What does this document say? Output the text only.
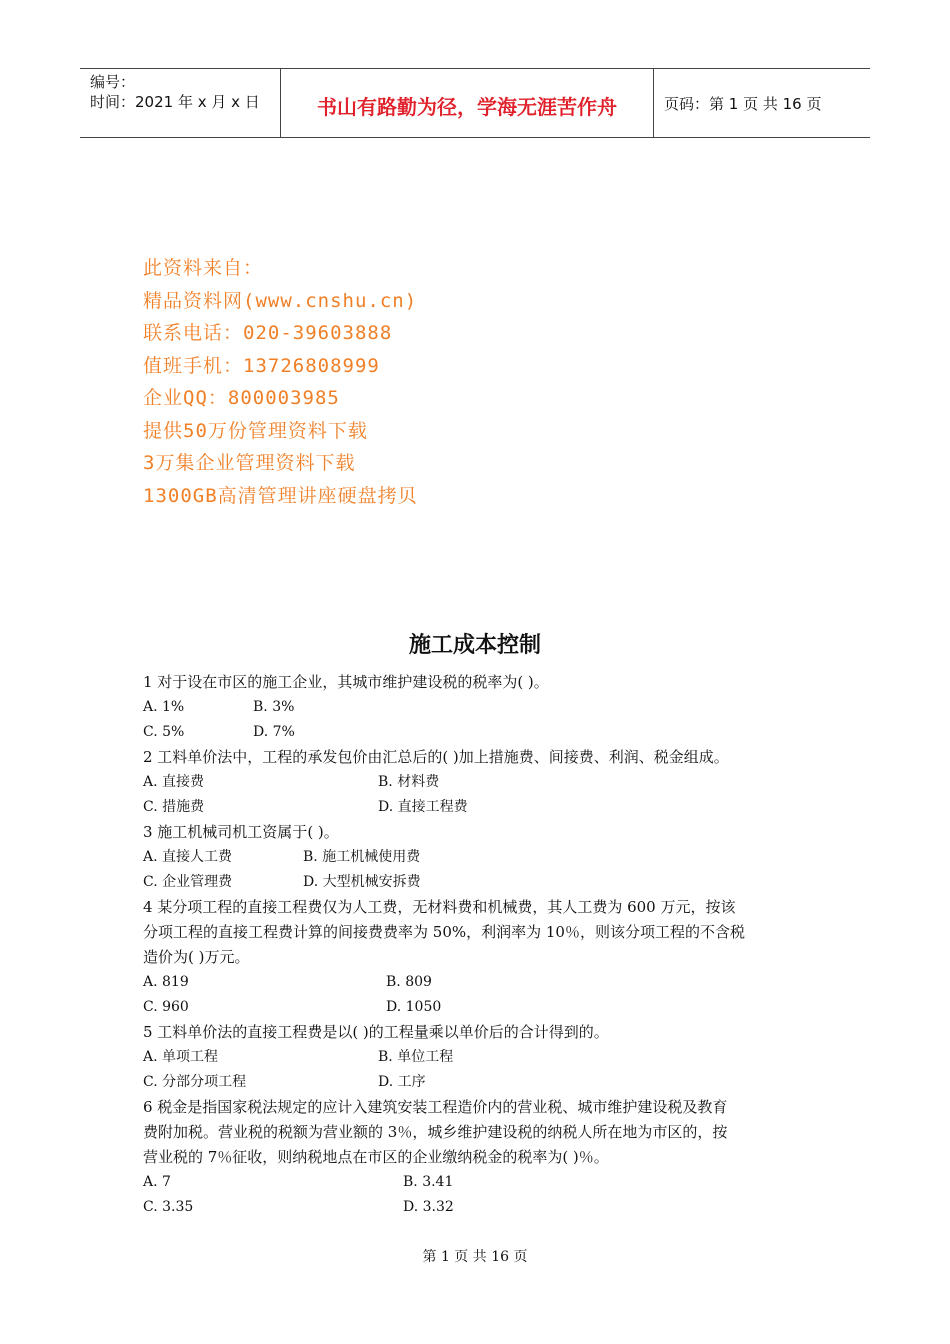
编号：
时间：2021 年 x 月 x 日	书山有路勤为径，学海无涯苦作舟	页码：第 1 页 共 16 页
此资料来自：
精品资料网(www.cnshu.cn)
联系电话：020-39603888
值班手机：13726808999
企业QQ：800003985
提供50万份管理资料下载
3万集企业管理资料下载
1300GB高清管理讲座硬盘拷贝
施工成本控制
1 对于设在市区的施工企业，其城市维护建设税的税率为( )。
A. 1%	B. 3%
C. 5%	D. 7%
2 工料单价法中，工程的承发包价由汇总后的( )加上措施费、间接费、利润、税金组成。
A. 直接费	B. 材料费
C. 措施费	D. 直接工程费
3 施工机械司机工资属于( )。
A. 直接人工费	B. 施工机械使用费
C. 企业管理费	D. 大型机械安拆费
4 某分项工程的直接工程费仅为人工费，无材料费和机械费，其人工费为 600 万元，按该
分项工程的直接工程费计算的间接费费率为 50%，利润率为 10％，则该分项工程的不含税
造价为( )万元。
A. 819	B. 809
C. 960	D. 1050
5 工料单价法的直接工程费是以( )的工程量乘以单价后的合计得到的。
A. 单项工程	B. 单位工程
C. 分部分项工程	D. 工序
6 税金是指国家税法规定的应计入建筑安装工程造价内的营业税、城市维护建设税及教育
费附加税。营业税的税额为营业额的 3％，城乡维护建设税的纳税人所在地为市区的，按
营业税的 7％征收，则纳税地点在市区的企业缴纳税金的税率为( )％。
A. 7	B. 3.41
C. 3.35	D. 3.32
第 1 页 共 16 页
